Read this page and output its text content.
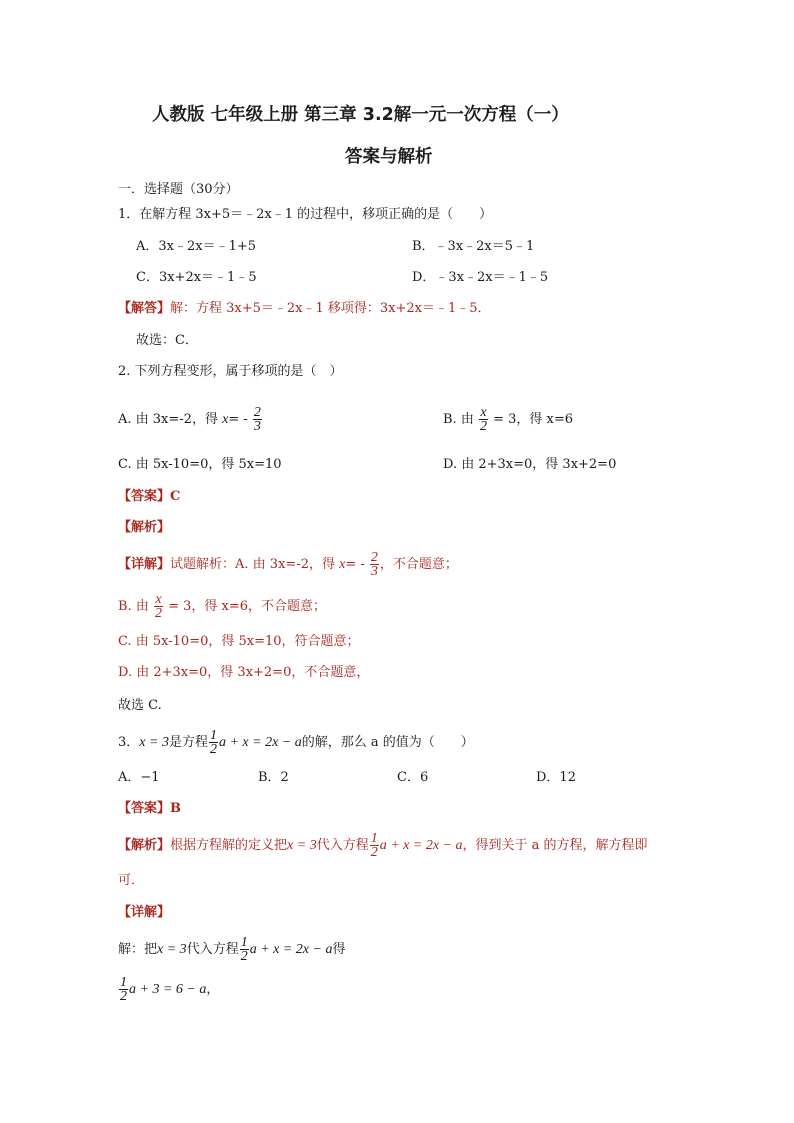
人教版 七年级上册 第三章 3.2解一元一次方程（一）
答案与解析
一．选择题（30分）
1．在解方程 3x+5＝﹣2x﹣1 的过程中，移项正确的是（　　）
A．3x﹣2x＝﹣1+5	B．﹣3x﹣2x＝5﹣1
C．3x+2x＝﹣1﹣5	D．﹣3x﹣2x＝﹣1﹣5
【解答】解：方程 3x+5＝﹣2x﹣1 移项得：3x+2x＝﹣1﹣5．
故选：C．
2. 下列方程变形，属于移项的是（　）
A. 由 3x=-2，得 $x= - \frac{2}{3}$	B. 由 $\frac{x}{2} = 3$，得 x=6
C. 由 5x-10=0，得 5x=10	D. 由 2+3x=0，得 3x+2=0
【答案】C
【解析】
【详解】试题解析：A. 由 3x=-2，得 $x= - \frac{2}{3}$ ，不合题意；
B. 由 $\frac{x}{2} = 3$，得 x=6，不合题意；
C. 由 5x-10=0，得 5x=10，符合题意；
D. 由 2+3x=0，得 3x+2=0，不合题意，
故选 C.
3．x = 3是方程 $\frac{1}{2}$ a + x = 2x − a的解，那么 a 的值为（　　）
A．−1	B．2	C．6	D．12
【答案】B
【解析】根据方程解的定义把x = 3代入方程 $\frac{1}{2}$ a + x = 2x − a，得到关于 a 的方程，解方程即
可．
【详解】
解：把x = 3代入方程 $\frac{1}{2}$ a + x = 2x − a得
$\frac{1}{2}$ a + 3 = 6 − a，
